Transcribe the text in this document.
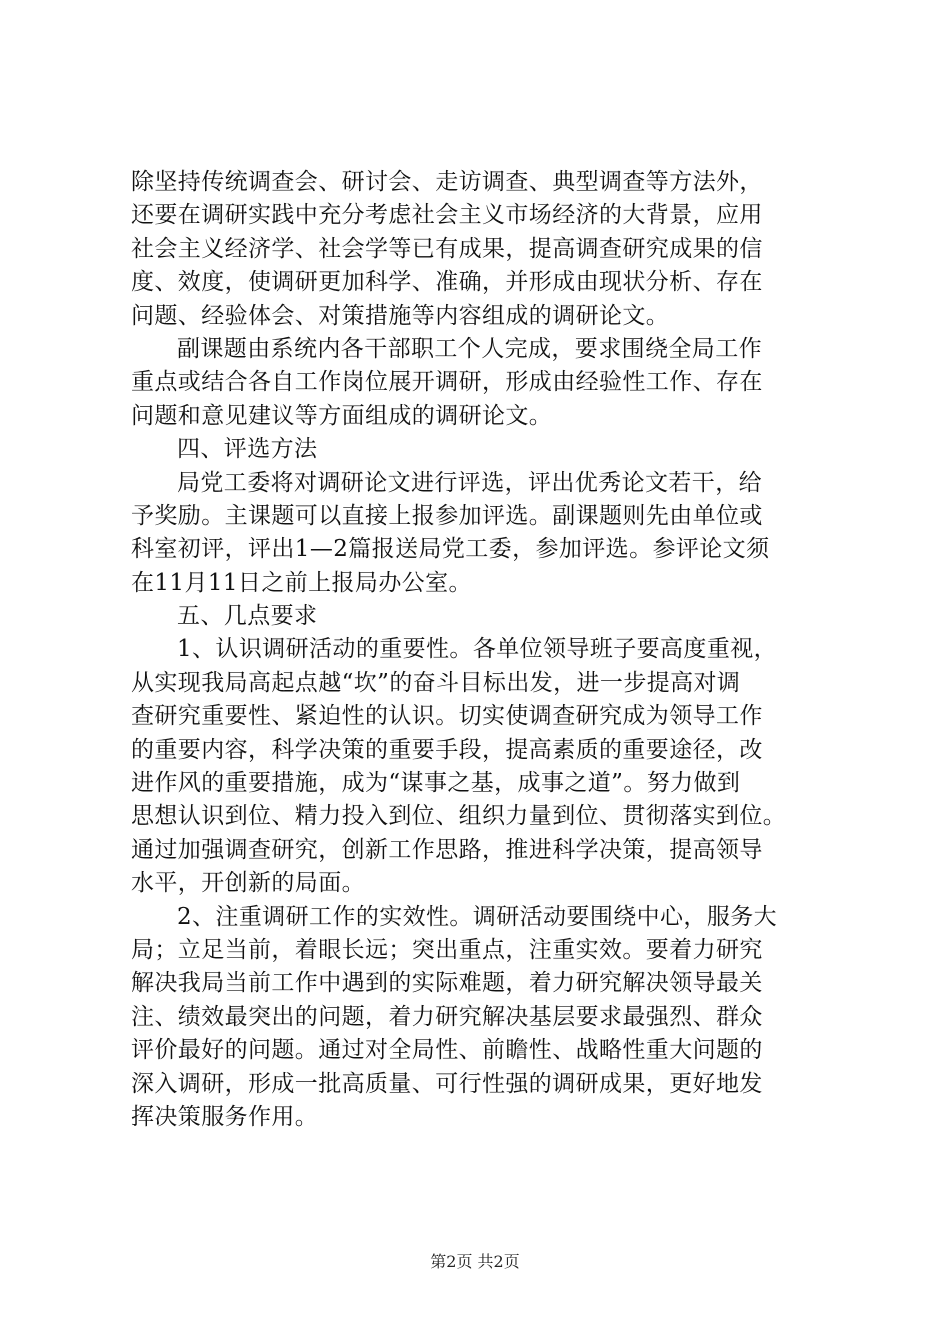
除坚持传统调查会、研讨会、走访调查、典型调查等方法外，
还要在调研实践中充分考虑社会主义市场经济的大背景，应用
社会主义经济学、社会学等已有成果，提高调查研究成果的信
度、效度，使调研更加科学、准确，并形成由现状分析、存在
问题、经验体会、对策措施等内容组成的调研论文。
副课题由系统内各干部职工个人完成，要求围绕全局工作
重点或结合各自工作岗位展开调研，形成由经验性工作、存在
问题和意见建议等方面组成的调研论文。
四、评选方法
局党工委将对调研论文进行评选，评出优秀论文若干，给
予奖励。主课题可以直接上报参加评选。副课题则先由单位或
科室初评，评出1—2篇报送局党工委，参加评选。参评论文须
在11月11日之前上报局办公室。
五、几点要求
1、认识调研活动的重要性。各单位领导班子要高度重视，
从实现我局高起点越“坎”的奋斗目标出发，进一步提高对调
查研究重要性、紧迫性的认识。切实使调查研究成为领导工作
的重要内容，科学决策的重要手段，提高素质的重要途径，改
进作风的重要措施，成为“谋事之基，成事之道”。努力做到
思想认识到位、精力投入到位、组织力量到位、贯彻落实到位。
通过加强调查研究，创新工作思路，推进科学决策，提高领导
水平，开创新的局面。
2、注重调研工作的实效性。调研活动要围绕中心，服务大
局；立足当前，着眼长远；突出重点，注重实效。要着力研究
解决我局当前工作中遇到的实际难题，着力研究解决领导最关
注、绩效最突出的问题，着力研究解决基层要求最强烈、群众
评价最好的问题。通过对全局性、前瞻性、战略性重大问题的
深入调研，形成一批高质量、可行性强的调研成果，更好地发
挥决策服务作用。
第2页 共2页
